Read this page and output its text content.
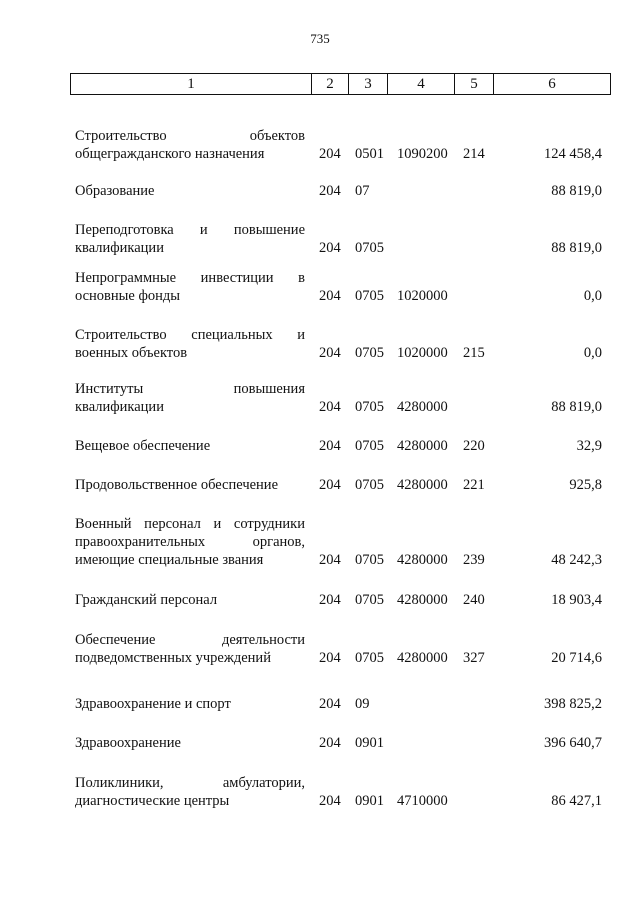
735
1	2	3	4	5	6
Строительство объектов
общегражданского назначения	204 0501 1090200 214	124 458,4
Образование	204 07	88 819,0
Переподготовка и повышение
квалификации	204 0705	88 819,0
Непрограммные инвестиции в
основные фонды	204 0705 1020000	0,0
Строительство специальных и
военных объектов	204 0705 1020000 215	0,0
Институты повышения
квалификации	204 0705 4280000	88 819,0
Вещевое обеспечение	204 0705 4280000 220	32,9
Продовольственное обеспечение	204 0705 4280000 221	925,8
Военный персонал и сотрудники
правоохранительных органов,
имеющие специальные звания	204 0705 4280000 239	48 242,3
Гражданский персонал	204 0705 4280000 240	18 903,4
Обеспечение деятельности
подведомственных учреждений	204 0705 4280000 327	20 714,6
Здравоохранение и спорт	204 09	398 825,2
Здравоохранение	204 0901	396 640,7
Поликлиники, амбулатории,
диагностические центры	204 0901 4710000	86 427,1
